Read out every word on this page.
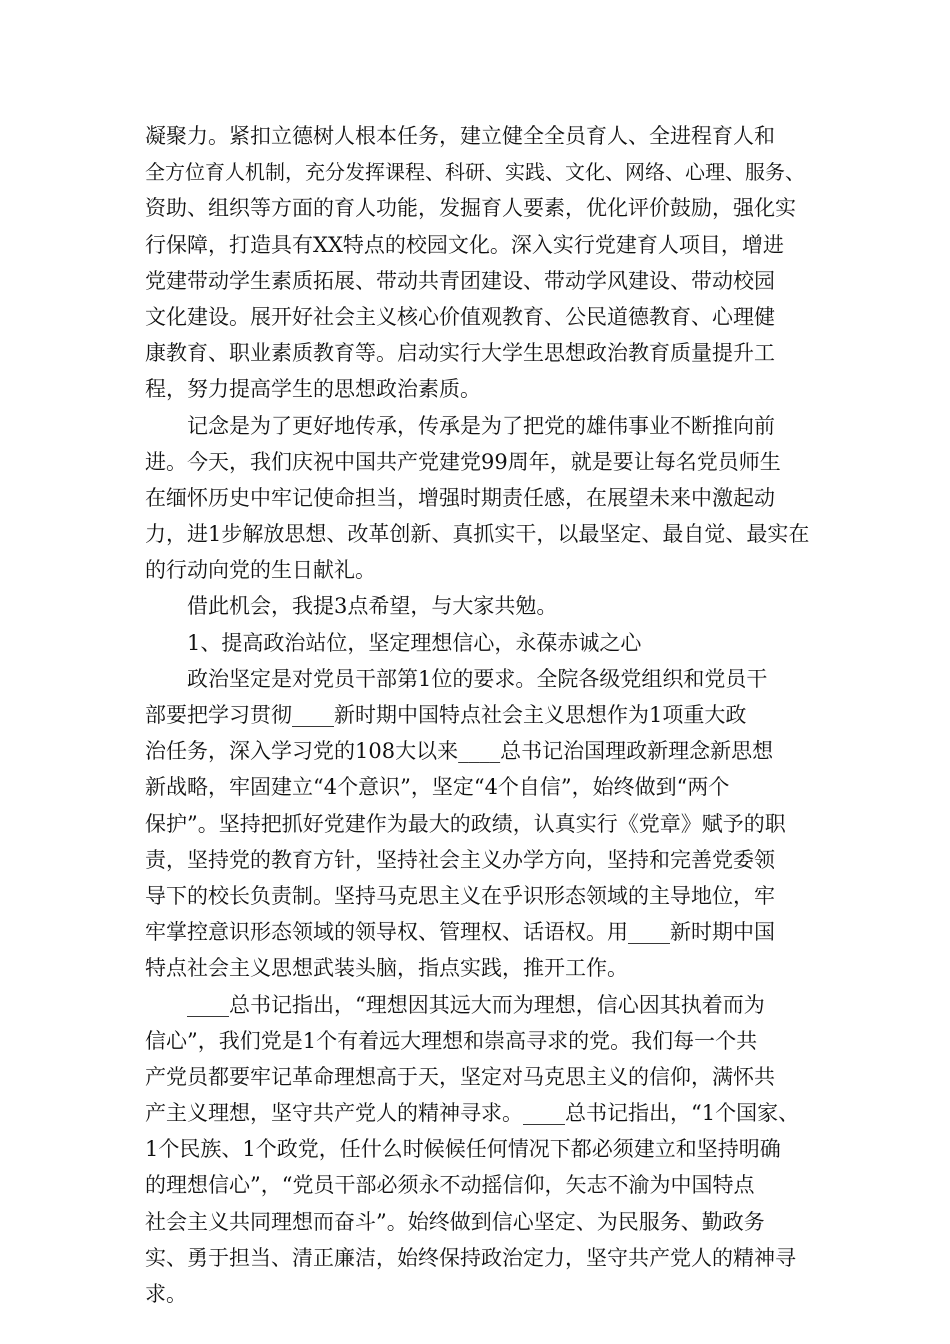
凝聚力。紧扣立德树人根本任务，建立健全全员育人、全进程育人和
全方位育人机制，充分发挥课程、科研、实践、文化、网络、心理、服务、
资助、组织等方面的育人功能，发掘育人要素，优化评价鼓励，强化实
行保障，打造具有XX特点的校园文化。深入实行党建育人项目，增进
党建带动学生素质拓展、带动共青团建设、带动学风建设、带动校园
文化建设。展开好社会主义核心价值观教育、公民道德教育、心理健
康教育、职业素质教育等。启动实行大学生思想政治教育质量提升工
程，努力提高学生的思想政治素质。
记念是为了更好地传承，传承是为了把党的雄伟事业不断推向前
进。今天，我们庆祝中国共产党建党99周年，就是要让每名党员师生
在缅怀历史中牢记使命担当，增强时期责任感，在展望未来中激起动
力，进1步解放思想、改革创新、真抓实干，以最坚定、最自觉、最实在
的行动向党的生日献礼。
借此机会，我提3点希望，与大家共勉。
1、提高政治站位，坚定理想信心，永葆赤诚之心
政治坚定是对党员干部第1位的要求。全院各级党组织和党员干
部要把学习贯彻____新时期中国特点社会主义思想作为1项重大政
治任务，深入学习党的108大以来____总书记治国理政新理念新思想
新战略，牢固建立“4个意识”，坚定“4个自信”，始终做到“两个
保护”。坚持把抓好党建作为最大的政绩，认真实行《党章》赋予的职
责，坚持党的教育方针，坚持社会主义办学方向，坚持和完善党委领
导下的校长负责制。坚持马克思主义在乎识形态领域的主导地位，牢
牢掌控意识形态领域的领导权、管理权、话语权。用____新时期中国
特点社会主义思想武装头脑，指点实践，推开工作。
____总书记指出，“理想因其远大而为理想，信心因其执着而为
信心”，我们党是1个有着远大理想和崇高寻求的党。我们每一个共
产党员都要牢记革命理想高于天，坚定对马克思主义的信仰，满怀共
产主义理想，坚守共产党人的精神寻求。____总书记指出，“1个国家、
1个民族、1个政党，任什么时候候任何情况下都必须建立和坚持明确
的理想信心”，“党员干部必须永不动摇信仰，矢志不渝为中国特点
社会主义共同理想而奋斗”。始终做到信心坚定、为民服务、勤政务
实、勇于担当、清正廉洁，始终保持政治定力，坚守共产党人的精神寻
求。
